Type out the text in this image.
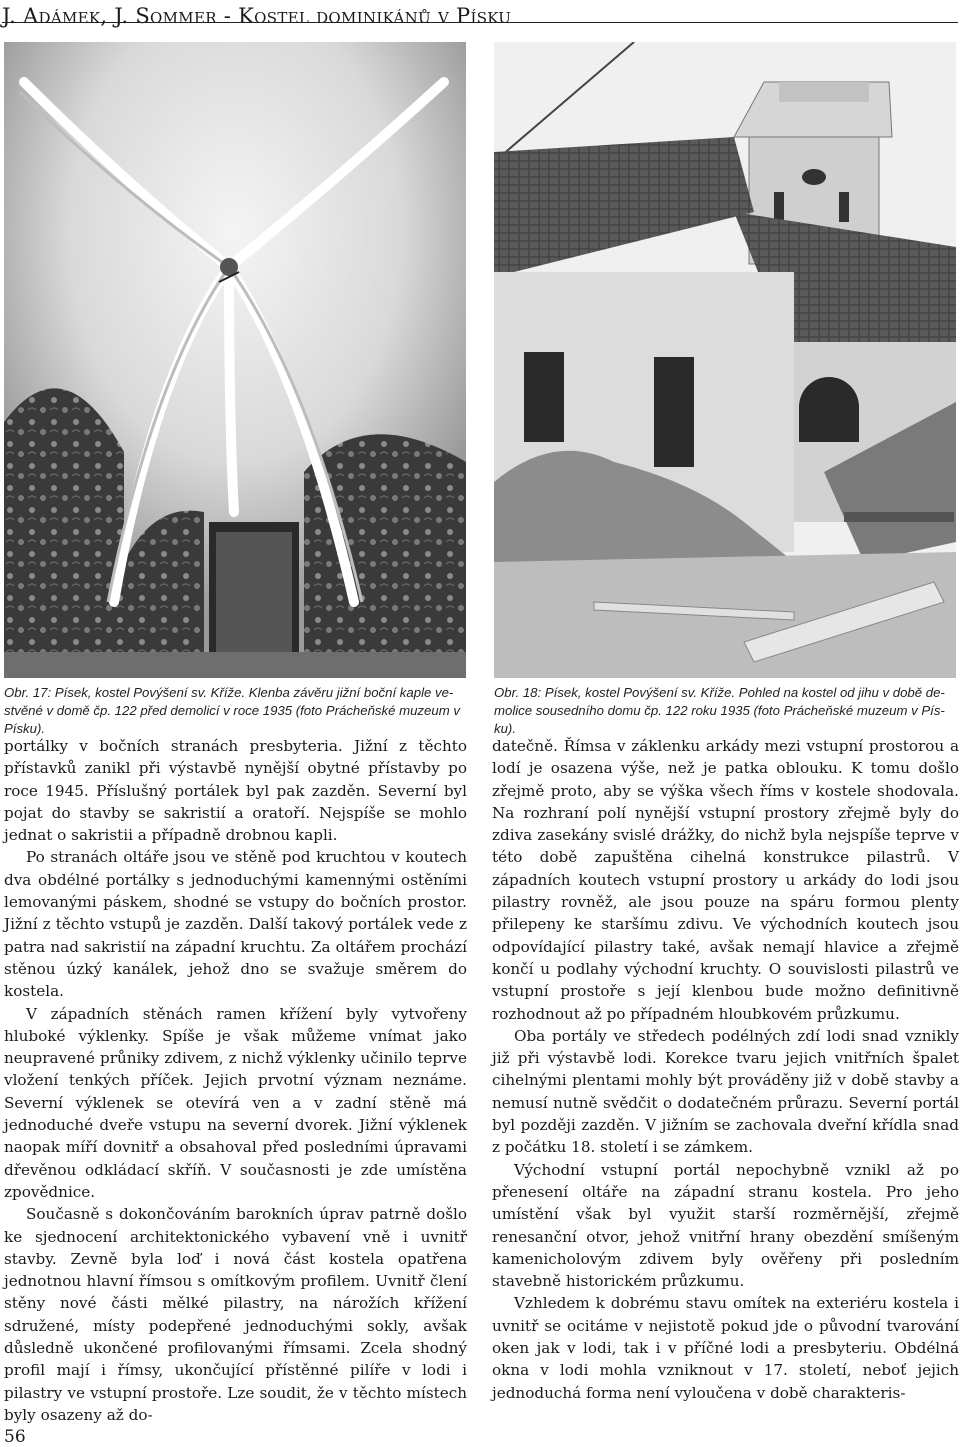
J. Adámek, J. Sommer - Kostel dominikánů v Písku
Obr. 17: Písek, kostel Povýšení sv. Kříže. Klenba závěru jižní boční kaple ve-stvěné v domě čp. 122 před demolicí v roce 1935 (foto Prácheňské muzeum v Písku).
Obr. 18: Písek, kostel Povýšení sv. Kříže. Pohled na kostel od jihu v době de-molice sousedního domu čp. 122 roku 1935 (foto Prácheňské muzeum v Pís-ku).

portálky v bočních stranách presbyteria. Jižní z těchto přístavků zanikl při výstavbě nynější obytné přístavby po roce 1945. Příslušný portálek byl pak zazděn. Severní byl pojat do stavby se sakristií a oratoří. Nejspíše se mohlo jednat o sakristii a případně drobnou kapli.

Po stranách oltáře jsou ve stěně pod kruchtou v koutech dva obdélné portálky s jednoduchými kamennými ostěními lemovanými páskem, shodné se vstupy do bočních prostor. Jižní z těchto vstupů je zazděn. Další takový portálek vede z patra nad sakristií na západní kruchtu. Za oltářem prochází stěnou úzký kanálek, jehož dno se svažuje směrem do kostela.

V západních stěnách ramen křížení byly vytvořeny hluboké výklenky. Spíše je však můžeme vnímat jako neupravené průniky zdivem, z nichž výklenky učinilo teprve vložení tenkých příček. Jejich prvotní význam neznáme. Severní výklenek se otevírá ven a v zadní stěně má jednoduché dveře vstupu na severní dvorek. Jižní výklenek naopak míří dovnitř a obsahoval před posledními úpravami dřevěnou odkládací skříň. V současnosti je zde umístěna zpovědnice.

Současně s dokončováním barokních úprav patrně došlo ke sjednocení architektonického vybavení vně i uvnitř stavby. Zevně byla loď i nová část kostela opatřena jednotnou hlavní římsou s omítkovým profilem. Uvnitř člení stěny nové části mělké pilastry, na nárožích křížení sdružené, místy podepřené jednoduchými sokly, avšak důsledně ukončené profilovanými římsami. Zcela shodný profil mají i římsy, ukončující přístěnné pilíře v lodi i pilastry ve vstupní prostoře. Lze soudit, že v těchto místech byly osazeny až do-

datečně. Římsa v záklenku arkády mezi vstupní prostorou a lodí je osazena výše, než je patka oblouku. K tomu došlo zřejmě proto, aby se výška všech říms v kostele shodovala. Na rozhraní polí nynější vstupní prostory zřejmě byly do zdiva zasekány svislé drážky, do nichž byla nejspíše teprve v této době zapuštěna cihelná konstrukce pilastrů. V západních koutech vstupní prostory u arkády do lodi jsou pilastry rovněž, ale jsou pouze na spáru formou plenty přilepeny ke staršímu zdivu. Ve východních koutech jsou odpovídající pilastry také, avšak nemají hlavice a zřejmě končí u podlahy východní kruchty. O souvislosti pilastrů ve vstupní prostoře s její klenbou bude možno definitivně rozhodnout až po případném hloubkovém průzkumu.

Oba portály ve středech podélných zdí lodi snad vznikly již při výstavbě lodi. Korekce tvaru jejich vnitřních špalet cihelnými plentami mohly být prováděny již v době stavby a nemusí nutně svědčit o dodatečném průrazu. Severní portál byl později zazděn. V jižním se zachovala dveřní křídla snad z počátku 18. století i se zámkem.

Východní vstupní portál nepochybně vznikl až po přenesení oltáře na západní stranu kostela. Pro jeho umístění však byl využit starší rozměrnější, zřejmě renesanční otvor, jehož vnitřní hrany obezdění smíšeným kamenicholovým zdivem byly ověřeny při posledním stavebně historickém průzkumu.

Vzhledem k dobrému stavu omítek na exteriéru kostela i uvnitř se ocitáme v nejistotě pokud jde o původní tvarování oken jak v lodi, tak i v příčné lodi a presbyteriu. Obdélná okna v lodi mohla vzniknout v 17. století, neboť jejich jednoduchá forma není vyloučena v době charakteris-

56
